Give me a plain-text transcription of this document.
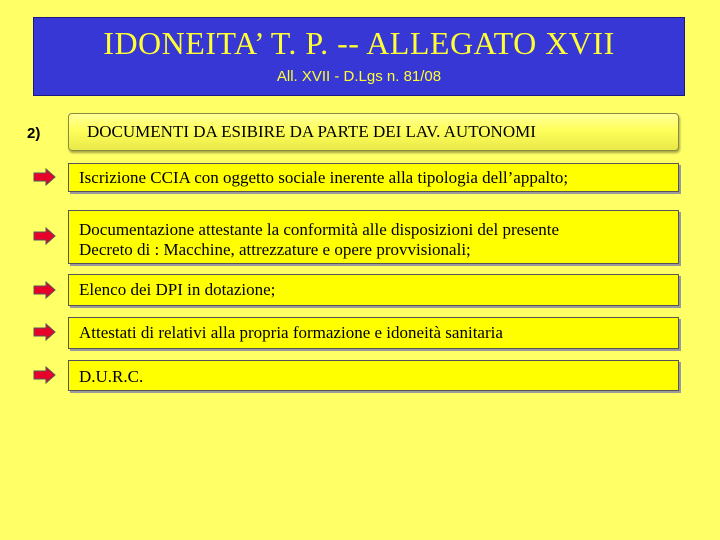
IDONEITA’ T. P. -- ALLEGATO XVII
All. XVII - D.Lgs n. 81/08
2)	DOCUMENTI DA ESIBIRE DA PARTE DEI LAV. AUTONOMI
Iscrizione CCIA con oggetto sociale inerente alla tipologia dell’appalto;
Documentazione attestante la conformità alle disposizioni del presente
Decreto di : Macchine, attrezzature e opere provvisionali;
Elenco dei DPI in dotazione;
Attestati di relativi alla propria formazione e idoneità sanitaria
D.U.R.C.
